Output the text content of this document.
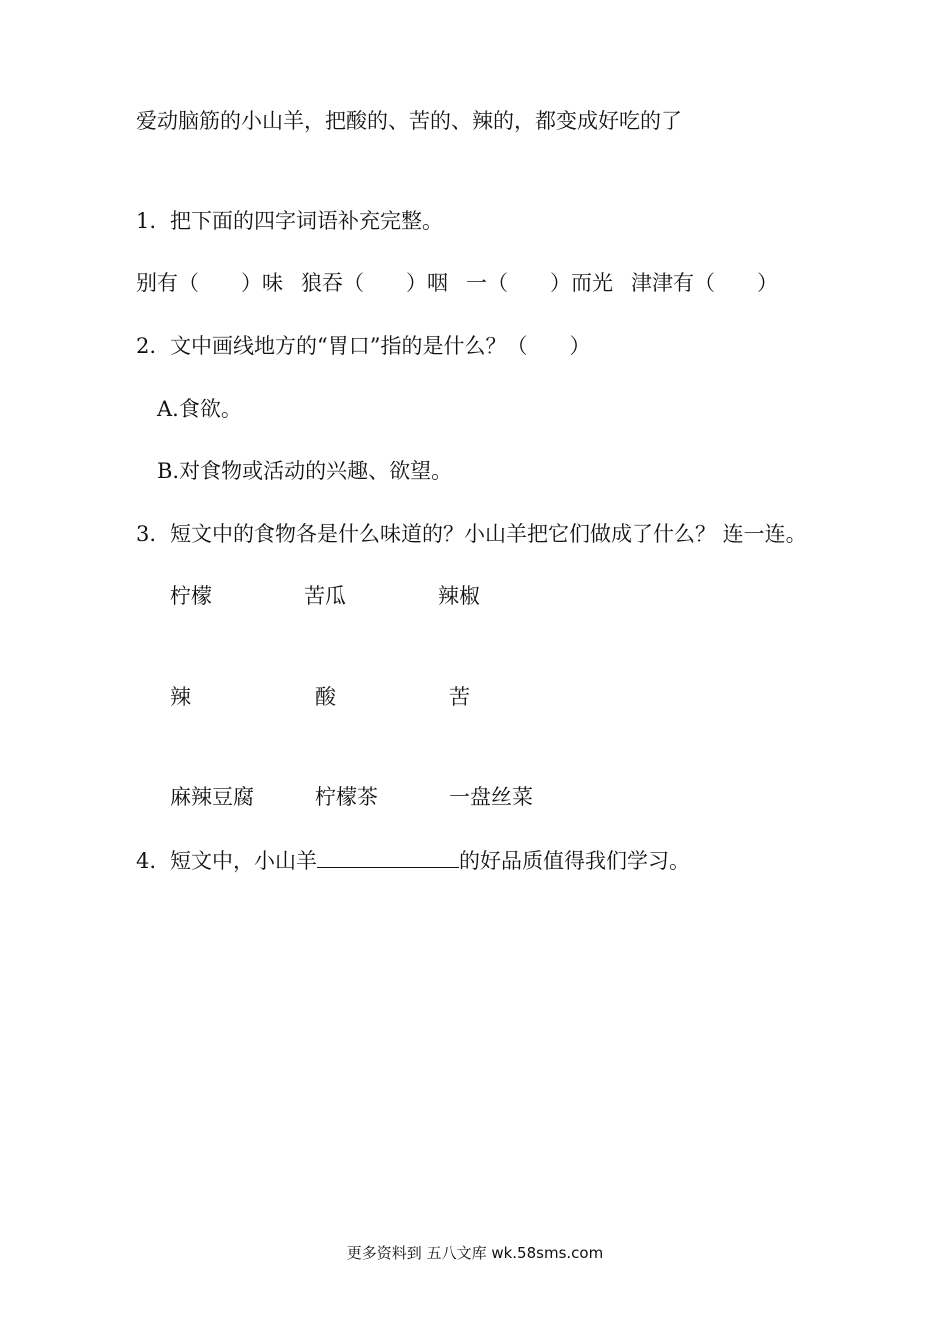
爱动脑筋的小山羊，把酸的、苦的、辣的，都变成好吃的了
1. 把下面的四字词语补充完整。
别有（　　）味 狼吞（　　）咽 一（　　）而光 津津有（　　）
2. 文中画线地方的“胃口”指的是什么？（　　）
A.食欲。
B.对食物或活动的兴趣、欲望。
3. 短文中的食物各是什么味道的？小山羊把它们做成了什么？ 连一连。
柠檬	苦瓜	辣椒
辣	酸	苦
麻辣豆腐	柠檬茶	一盘丝菜
4. 短文中，小山羊	的好品质值得我们学习。
更多资料到 五八文库 wk.58sms.com
